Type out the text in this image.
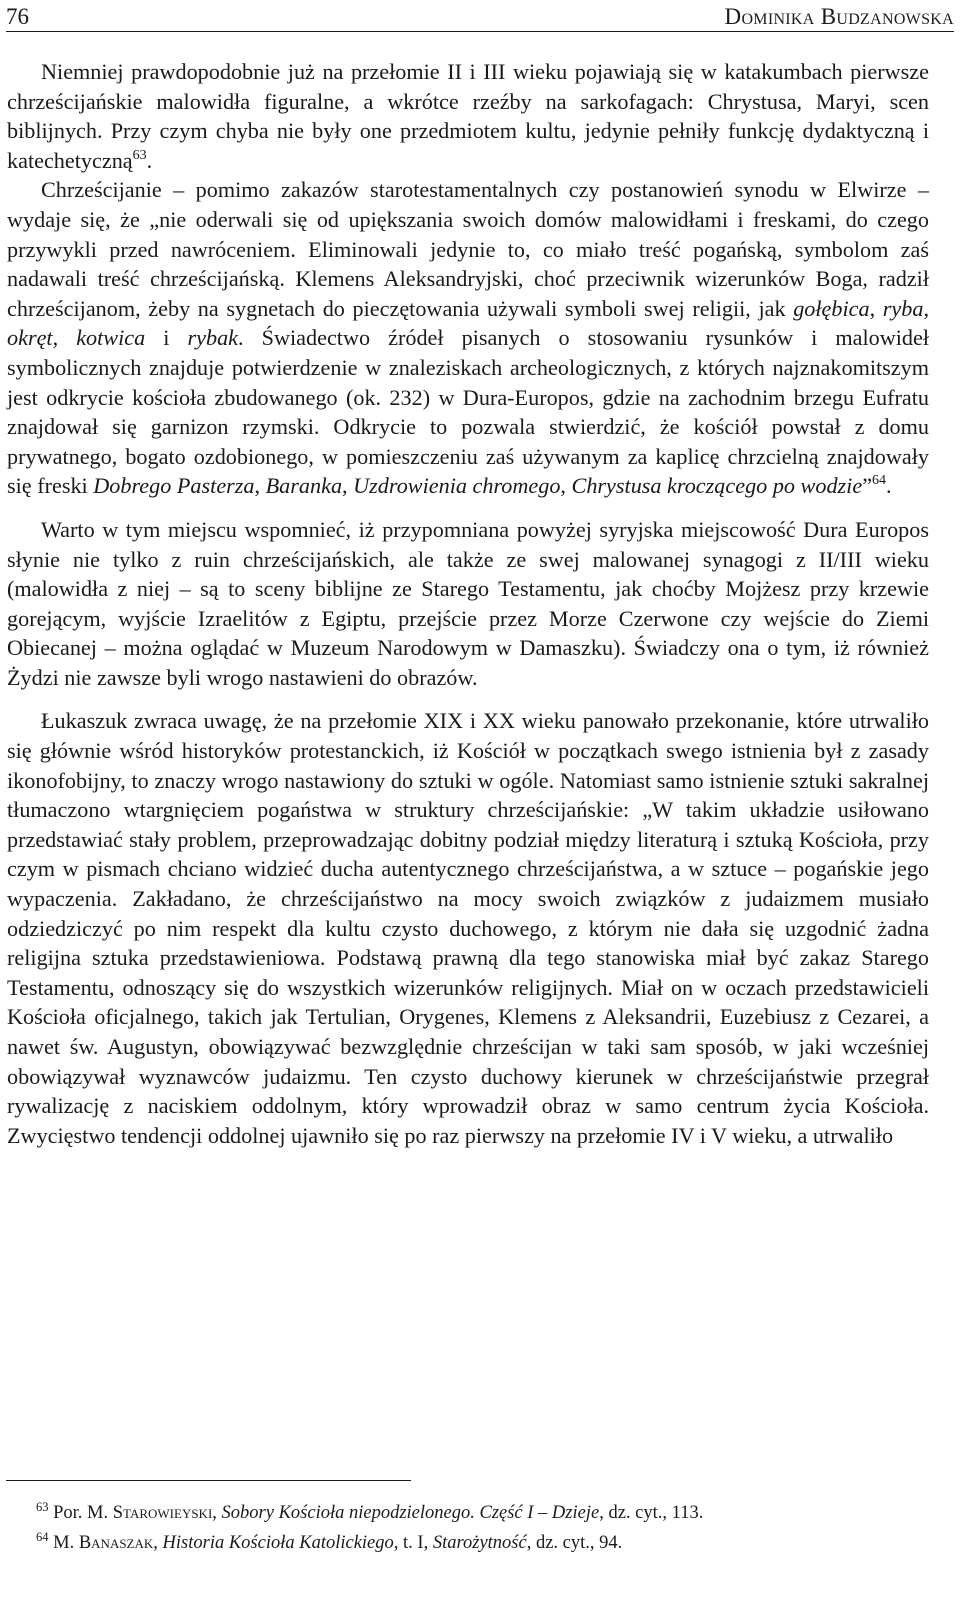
76	Dominika Budzanowska

Niemniej prawdopodobnie już na przełomie II i III wieku pojawiają się w katakumbach pierwsze chrześcijańskie malowidła figuralne, a wkrótce rzeźby na sarkofagach: Chrystusa, Maryi, scen biblijnych. Przy czym chyba nie były one przedmiotem kultu, jedynie pełniły funkcję dydaktyczną i katechetyczną$^{63}$.

Chrześcijanie – pomimo zakazów starotestamentalnych czy postanowień synodu w Elwirze – wydaje się, że „nie oderwali się od upiększania swoich domów malowidłami i freskami, do czego przywykli przed nawróceniem. Eliminowali jedynie to, co miało treść pogańską, symbolom zaś nadawali treść chrześcijańską. Klemens Aleksandryjski, choć przeciwnik wizerunków Boga, radził chrześcijanom, żeby na sygnetach do pieczętowania używali symboli swej religii, jak gołębica, ryba, okręt, kotwica i rybak. Świadectwo źródeł pisanych o stosowaniu rysunków i malowideł symbolicznych znajduje potwierdzenie w znaleziskach archeologicznych, z których najznakomitszym jest odkrycie kościoła zbudowanego (ok. 232) w Dura-Europos, gdzie na zachodnim brzegu Eufratu znajdował się garnizon rzymski. Odkrycie to pozwala stwierdzić, że kościół powstał z domu prywatnego, bogato ozdobionego, w pomieszczeniu zaś używanym za kaplicę chrzcielną znajdowały się freski Dobrego Pasterza, Baranka, Uzdrowienia chromego, Chrystusa kroczącego po wodzie”$^{64}$.

Warto w tym miejscu wspomnieć, iż przypomniana powyżej syryjska miejscowość Dura Europos słynie nie tylko z ruin chrześcijańskich, ale także ze swej malowanej synagogi z II/III wieku (malowidła z niej – są to sceny biblijne ze Starego Testamentu, jak choćby Mojżesz przy krzewie gorejącym, wyjście Izraelitów z Egiptu, przejście przez Morze Czerwone czy wejście do Ziemi Obiecanej – można oglądać w Muzeum Narodowym w Damaszku). Świadczy ona o tym, iż również Żydzi nie zawsze byli wrogo nastawieni do obrazów.

Łukaszuk zwraca uwagę, że na przełomie XIX i XX wieku panowało przekonanie, które utrwaliło się głównie wśród historyków protestanckich, iż Kościół w początkach swego istnienia był z zasady ikonofobijny, to znaczy wrogo nastawiony do sztuki w ogóle. Natomiast samo istnienie sztuki sakralnej tłumaczono wtargnięciem pogaństwa w struktury chrześcijańskie: „W takim układzie usiłowano przedstawiać stały problem, przeprowadzając dobitny podział między literaturą i sztuką Kościoła, przy czym w pismach chciano widzieć ducha autentycznego chrześcijaństwa, a w sztuce – pogańskie jego wypaczenia. Zakładano, że chrześcijaństwo na mocy swoich związków z judaizmem musiało odziedziczyć po nim respekt dla kultu czysto duchowego, z którym nie dała się uzgodnić żadna religijna sztuka przedstawieniowa. Podstawą prawną dla tego stanowiska miał być zakaz Starego Testamentu, odnoszący się do wszystkich wizerunków religijnych. Miał on w oczach przedstawicieli Kościoła oficjalnego, takich jak Tertulian, Orygenes, Klemens z Aleksandrii, Euzebiusz z Cezarei, a nawet św. Augustyn, obowiązywać bezwzględnie chrześcijan w taki sam sposób, w jaki wcześniej obowiązywał wyznawców judaizmu. Ten czysto duchowy kierunek w chrześcijaństwie przegrał rywalizację z naciskiem oddolnym, który wprowadził obraz w samo centrum życia Kościoła. Zwycięstwo tendencji oddolnej ujawniło się po raz pierwszy na przełomie IV i V wieku, a utrwaliło

$^{63}$ Por. M. Starowieyski, Sobory Kościoła niepodzielonego. Część I – Dzieje, dz. cyt., 113.

$^{64}$ M. Banaszak, Historia Kościoła Katolickiego, t. I, Starożytność, dz. cyt., 94.
